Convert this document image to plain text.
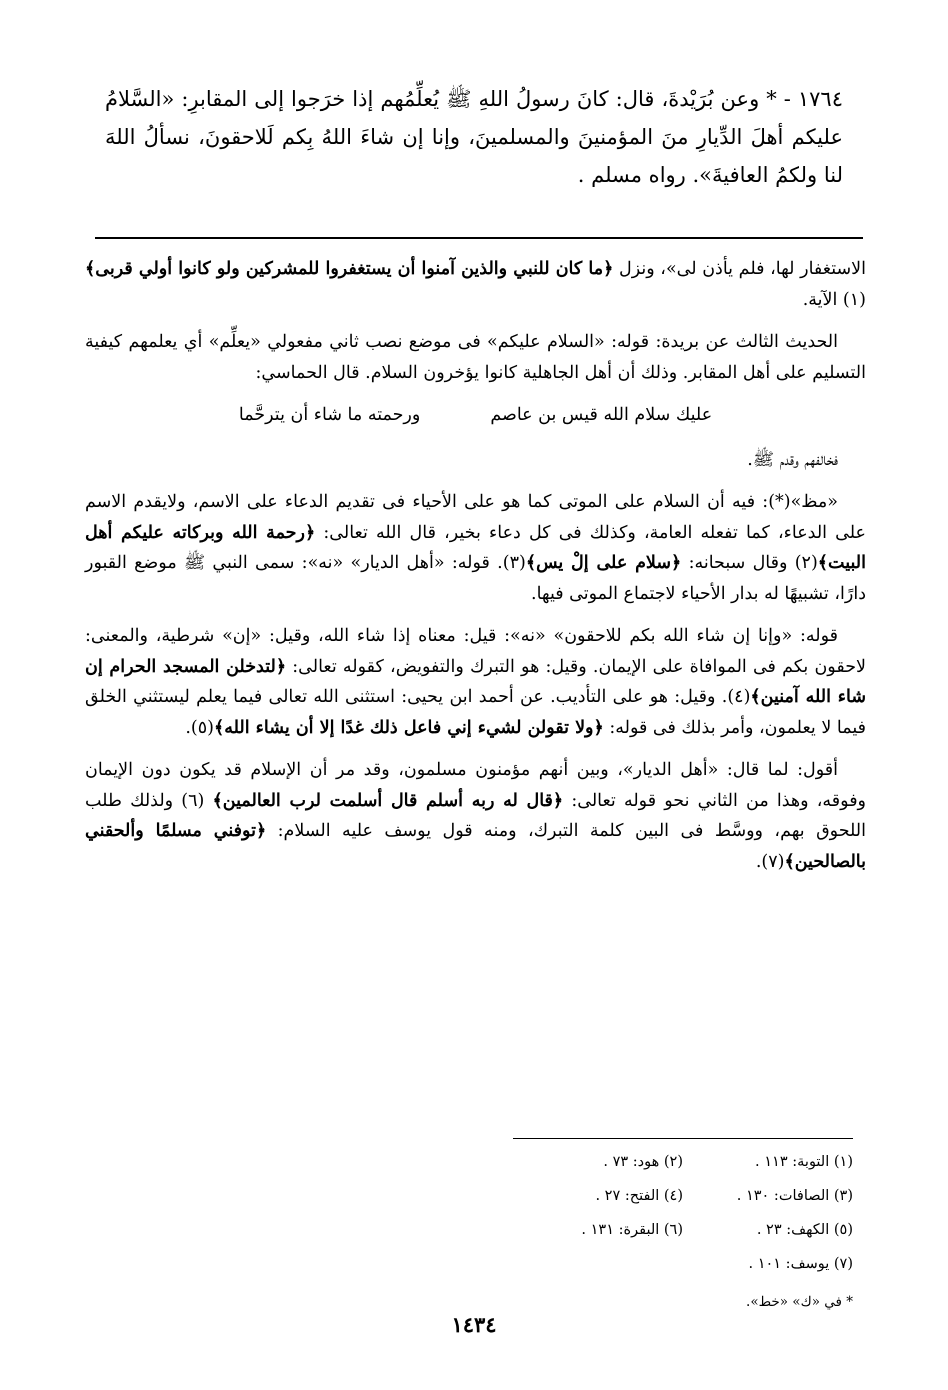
١٧٦٤ - * وعن بُرَيْدةَ، قال: كانَ رسولُ اللهِ ﷺ يُعلِّمُهم إذا خرَجوا إلى المقابرِ: «السَّلامُ عليكم أهلَ الدِّيارِ منَ المؤمنينَ والمسلمينَ، وإنا إن شاءَ اللهُ بِكم لَلاحقونَ، نسألُ اللهَ لنا ولكمُ العافيةَ». رواه مسلم .

الاستغفار لها، فلم يأذن لى»، ونزل ﴿ما كان للنبي والذين آمنوا أن يستغفروا للمشركين ولو كانوا أولي قربى﴾(١) الآية.

الحديث الثالث عن بريدة: قوله: «السلام عليكم» فى موضع نصب ثاني مفعولي «يعلِّم» أي يعلمهم كيفية التسليم على أهل المقابر. وذلك أن أهل الجاهلية كانوا يؤخرون السلام. قال الحماسي:

عليك سلام الله قيس بن عاصم
ورحمته ما شاء أن يترحَّما

فخالفهم وقدم ﷺ.

«مظ»(*): فيه أن السلام على الموتى كما هو على الأحياء فى تقديم الدعاء على الاسم، ولايقدم الاسم على الدعاء، كما تفعله العامة، وكذلك فى كل دعاء بخير، قال الله تعالى: ﴿رحمة الله وبركاته عليكم أهل البيت﴾(٢) وقال سبحانه: ﴿سلام على إلْ يس﴾(٣). قوله: «أهل الديار» «نه»: سمى النبي ﷺ موضع القبور دارًا، تشبيهًا له بدار الأحياء لاجتماع الموتى فيها.

قوله: «وإنا إن شاء الله بكم للاحقون» «نه»: قيل: معناه إذا شاء الله، وقيل: «إن» شرطية، والمعنى: لاحقون بكم فى الموافاة على الإيمان. وقيل: هو التبرك والتفويض، كقوله تعالى: ﴿لتدخلن المسجد الحرام إن شاء الله آمنين﴾(٤). وقيل: هو على التأديب. عن أحمد ابن يحيى: استثنى الله تعالى فيما يعلم ليستثني الخلق فيما لا يعلمون، وأمر بذلك فى قوله: ﴿ولا تقولن لشيء إني فاعل ذلك غدًا إلا أن يشاء الله﴾(٥).

أقول: لما قال: «أهل الديار»، وبين أنهم مؤمنون مسلمون، وقد مر أن الإسلام قد يكون دون الإيمان وفوقه، وهذا من الثاني نحو قوله تعالى: ﴿قال له ربه أسلم قال أسلمت لرب العالمين﴾ (٦) ولذلك طلب اللحوق بهم، ووسَّط فى البين كلمة التبرك، ومنه قول يوسف عليه السلام: ﴿توفني مسلمًا وألحقني بالصالحين﴾(٧).

(١) التوبة: ١١٣ .
(٢) هود: ٧٣ .
(٣) الصافات: ١٣٠ .
(٤) الفتح: ٢٧ .
(٥) الكهف: ٢٣ .
(٦) البقرة: ١٣١ .
(٧) يوسف: ١٠١ .
* في «ك» «خط».
١٤٣٤
